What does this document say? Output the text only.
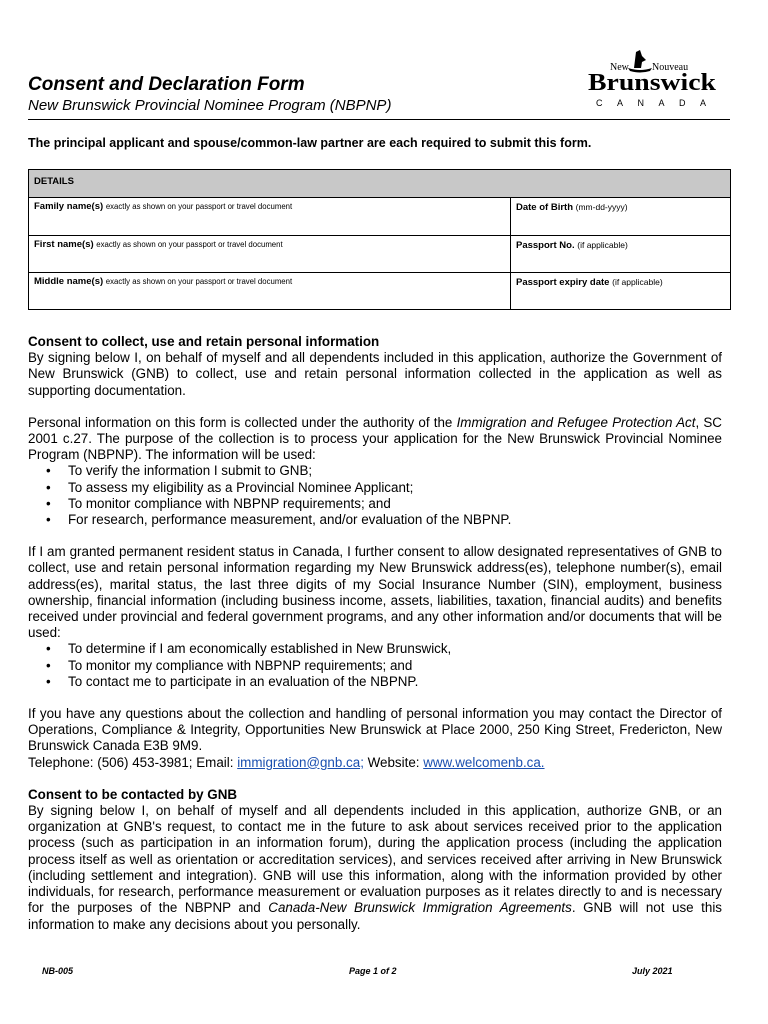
Consent and Declaration Form
New Brunswick Provincial Nominee Program (NBPNP)
New Nouveau
Brunswick
C A N A D A
The principal applicant and spouse/common-law partner are each required to submit this form.
DETAILS	
Family name(s) exactly as shown on your passport or travel document	Date of Birth (mm-dd-yyyy)
First name(s) exactly as shown on your passport or travel document	Passport No. (if applicable)
Middle name(s) exactly as shown on your passport or travel document	Passport expiry date (if applicable)

Consent to collect, use and retain personal information

By signing below I, on behalf of myself and all dependents included in this application, authorize the Government of New Brunswick (GNB) to collect, use and retain personal information collected in the application as well as supporting documentation.

Personal information on this form is collected under the authority of the Immigration and Refugee Protection Act, SC 2001 c.27. The purpose of the collection is to process your application for the New Brunswick Provincial Nominee Program (NBPNP). The information will be used:

• To verify the information I submit to GNB;
• To assess my eligibility as a Provincial Nominee Applicant;
• To monitor compliance with NBPNP requirements; and
• For research, performance measurement, and/or evaluation of the NBPNP.

If I am granted permanent resident status in Canada, I further consent to allow designated representatives of GNB to collect, use and retain personal information regarding my New Brunswick address(es), telephone number(s), email address(es), marital status, the last three digits of my Social Insurance Number (SIN), employment, business ownership, financial information (including business income, assets, liabilities, taxation, financial audits) and benefits received under provincial and federal government programs, and any other information and/or documents that will be used:

• To determine if I am economically established in New Brunswick,
• To monitor my compliance with NBPNP requirements; and
• To contact me to participate in an evaluation of the NBPNP.

If you have any questions about the collection and handling of personal information you may contact the Director of Operations, Compliance & Integrity, Opportunities New Brunswick at Place 2000, 250 King Street, Fredericton, New Brunswick Canada E3B 9M9.

Telephone: (506) 453-3981; Email: immigration@gnb.ca; Website: www.welcomenb.ca.

Consent to be contacted by GNB

By signing below I, on behalf of myself and all dependents included in this application, authorize GNB, or an organization at GNB's request, to contact me in the future to ask about services received prior to the application process (such as participation in an information forum), during the application process (including the application process itself as well as orientation or accreditation services), and services received after arriving in New Brunswick (including settlement and integration). GNB will use this information, along with the information provided by other individuals, for research, performance measurement or evaluation purposes as it relates directly to and is necessary for the purposes of the NBPNP and Canada-New Brunswick Immigration Agreements. GNB will not use this information to make any decisions about you personally.

NB-005	Page 1 of 2	July 2021
